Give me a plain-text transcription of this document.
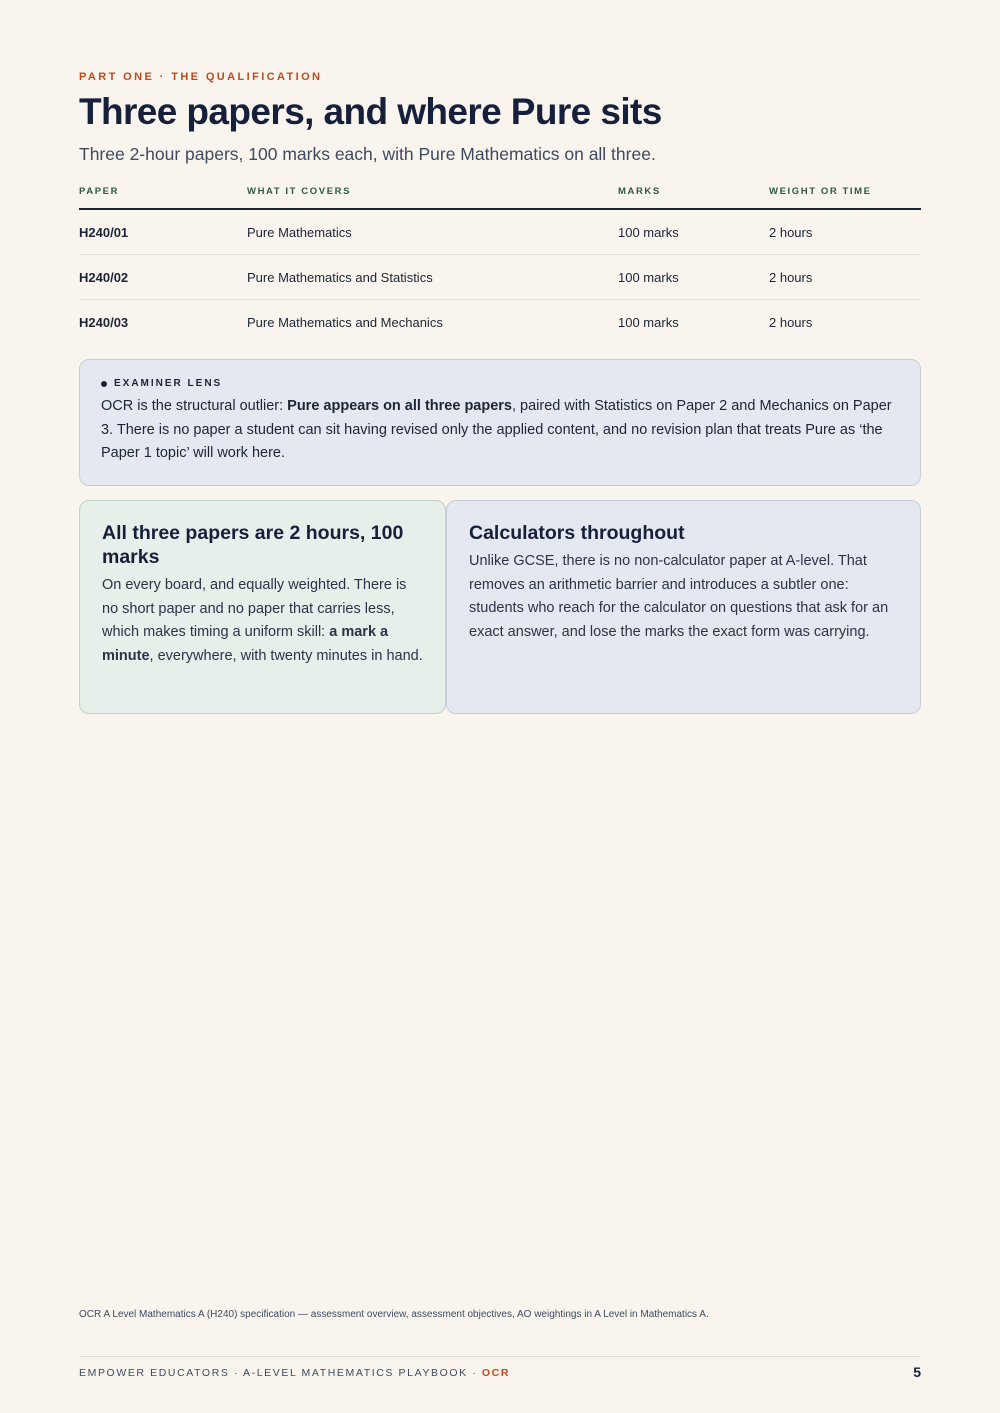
PART ONE · THE QUALIFICATION
Three papers, and where Pure sits

Three 2-hour papers, 100 marks each, with Pure Mathematics on all three.

PAPER	WHAT IT COVERS	MARKS	WEIGHT OR TIME
H240/01	Pure Mathematics	100 marks	2 hours
H240/02	Pure Mathematics and Statistics	100 marks	2 hours
H240/03	Pure Mathematics and Mechanics	100 marks	2 hours
EXAMINER LENS

OCR is the structural outlier: Pure appears on all three papers, paired with Statistics on Paper 2 and Mechanics on Paper 3. There is no paper a student can sit having revised only the applied content, and no revision plan that treats Pure as ‘the Paper 1 topic’ will work here.

All three papers are 2 hours, 100 marks

On every board, and equally weighted. There is no short paper and no paper that carries less, which makes timing a uniform skill: a mark a minute, everywhere, with twenty minutes in hand.

Calculators throughout

Unlike GCSE, there is no non-calculator paper at A-level. That removes an arithmetic barrier and introduces a subtler one: students who reach for the calculator on questions that ask for an exact answer, and lose the marks the exact form was carrying.

OCR A Level Mathematics A (H240) specification — assessment overview, assessment objectives, AO weightings in A Level in Mathematics A.

EMPOWER EDUCATORS · A-LEVEL MATHEMATICS PLAYBOOK · OCR	5
